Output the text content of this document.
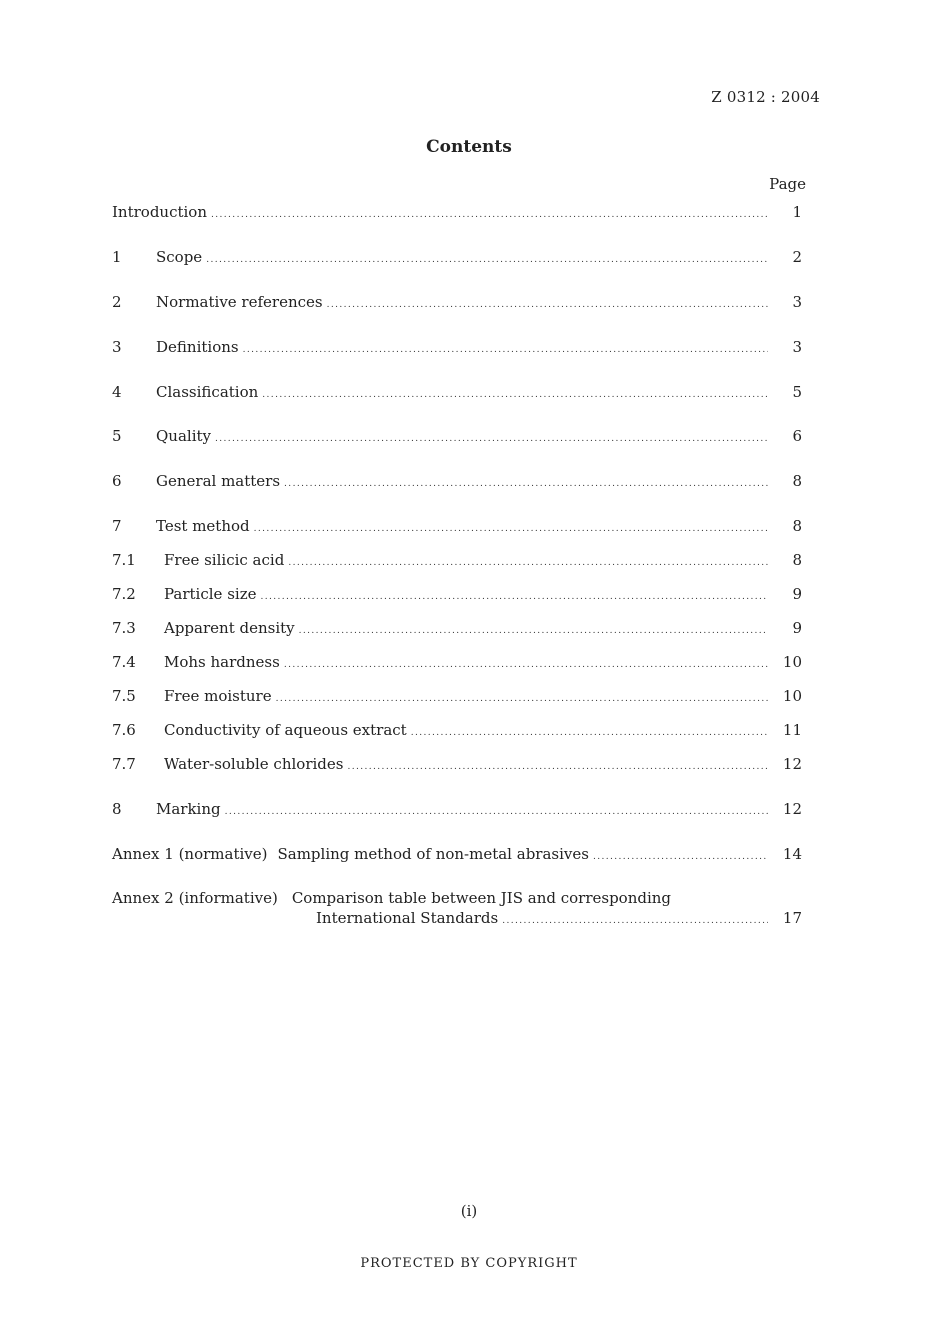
Z 0312 : 2004
Contents
Page
Introduction .....	1
1	Scope .....	2
2	Normative references .....	3
3	Definitions .....	3
4	Classification .....	5
5	Quality .....	6
6	General matters .....	8
7	Test method .....	8
7.1	Free silicic acid .....	8
7.2	Particle size .....	9
7.3	Apparent density .....	9
7.4	Mohs hardness .....	10
7.5	Free moisture .....	10
7.6	Conductivity of aqueous extract .....	11
7.7	Water-soluble chlorides .....	12
8	Marking .....	12
Annex 1 (normative) Sampling method of non-metal abrasives .....	14
Annex 2 (informative) Comparison table between JIS and corresponding
International Standards .....	17
(i)
PROTECTED BY COPYRIGHT
